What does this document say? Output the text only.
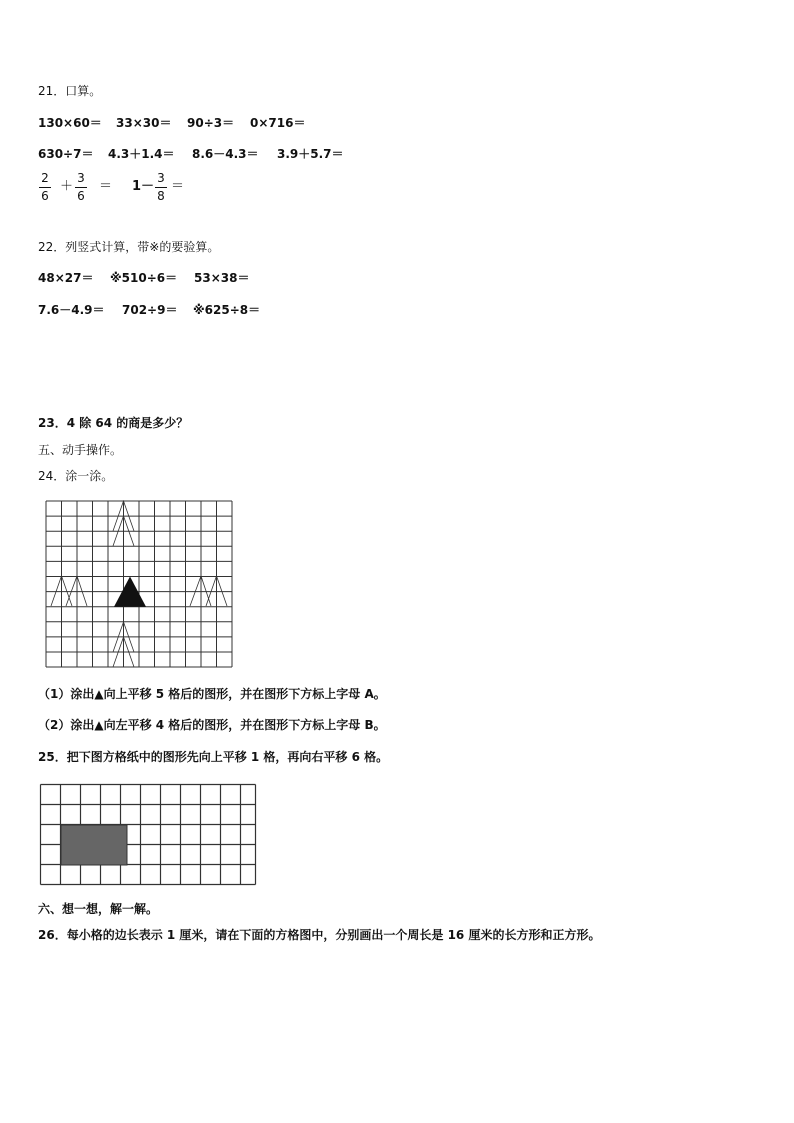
21．口算。
130×60＝ 33×30＝ 90÷3＝ 0×716＝
630÷7＝ 4.3＋1.4＝ 8.6－4.3＝ 3.9＋5.7＝
2
6
＋
3
6
＝ 1－
3
8
＝
22．列竖式计算，带※的要验算。
48×27＝ ※510÷6＝ 53×38＝
7.6－4.9＝ 702÷9＝ ※625÷8＝
23．4 除 64 的商是多少？
五、动手操作。
24．涂一涂。
（1）涂出▲向上平移 5 格后的图形，并在图形下方标上字母 A。
（2）涂出▲向左平移 4 格后的图形，并在图形下方标上字母 B。
25．把下图方格纸中的图形先向上平移 1 格，再向右平移 6 格。
六、想一想，解一解。
26．每小格的边长表示 1 厘米，请在下面的方格图中，分别画出一个周长是 16 厘米的长方形和正方形。
